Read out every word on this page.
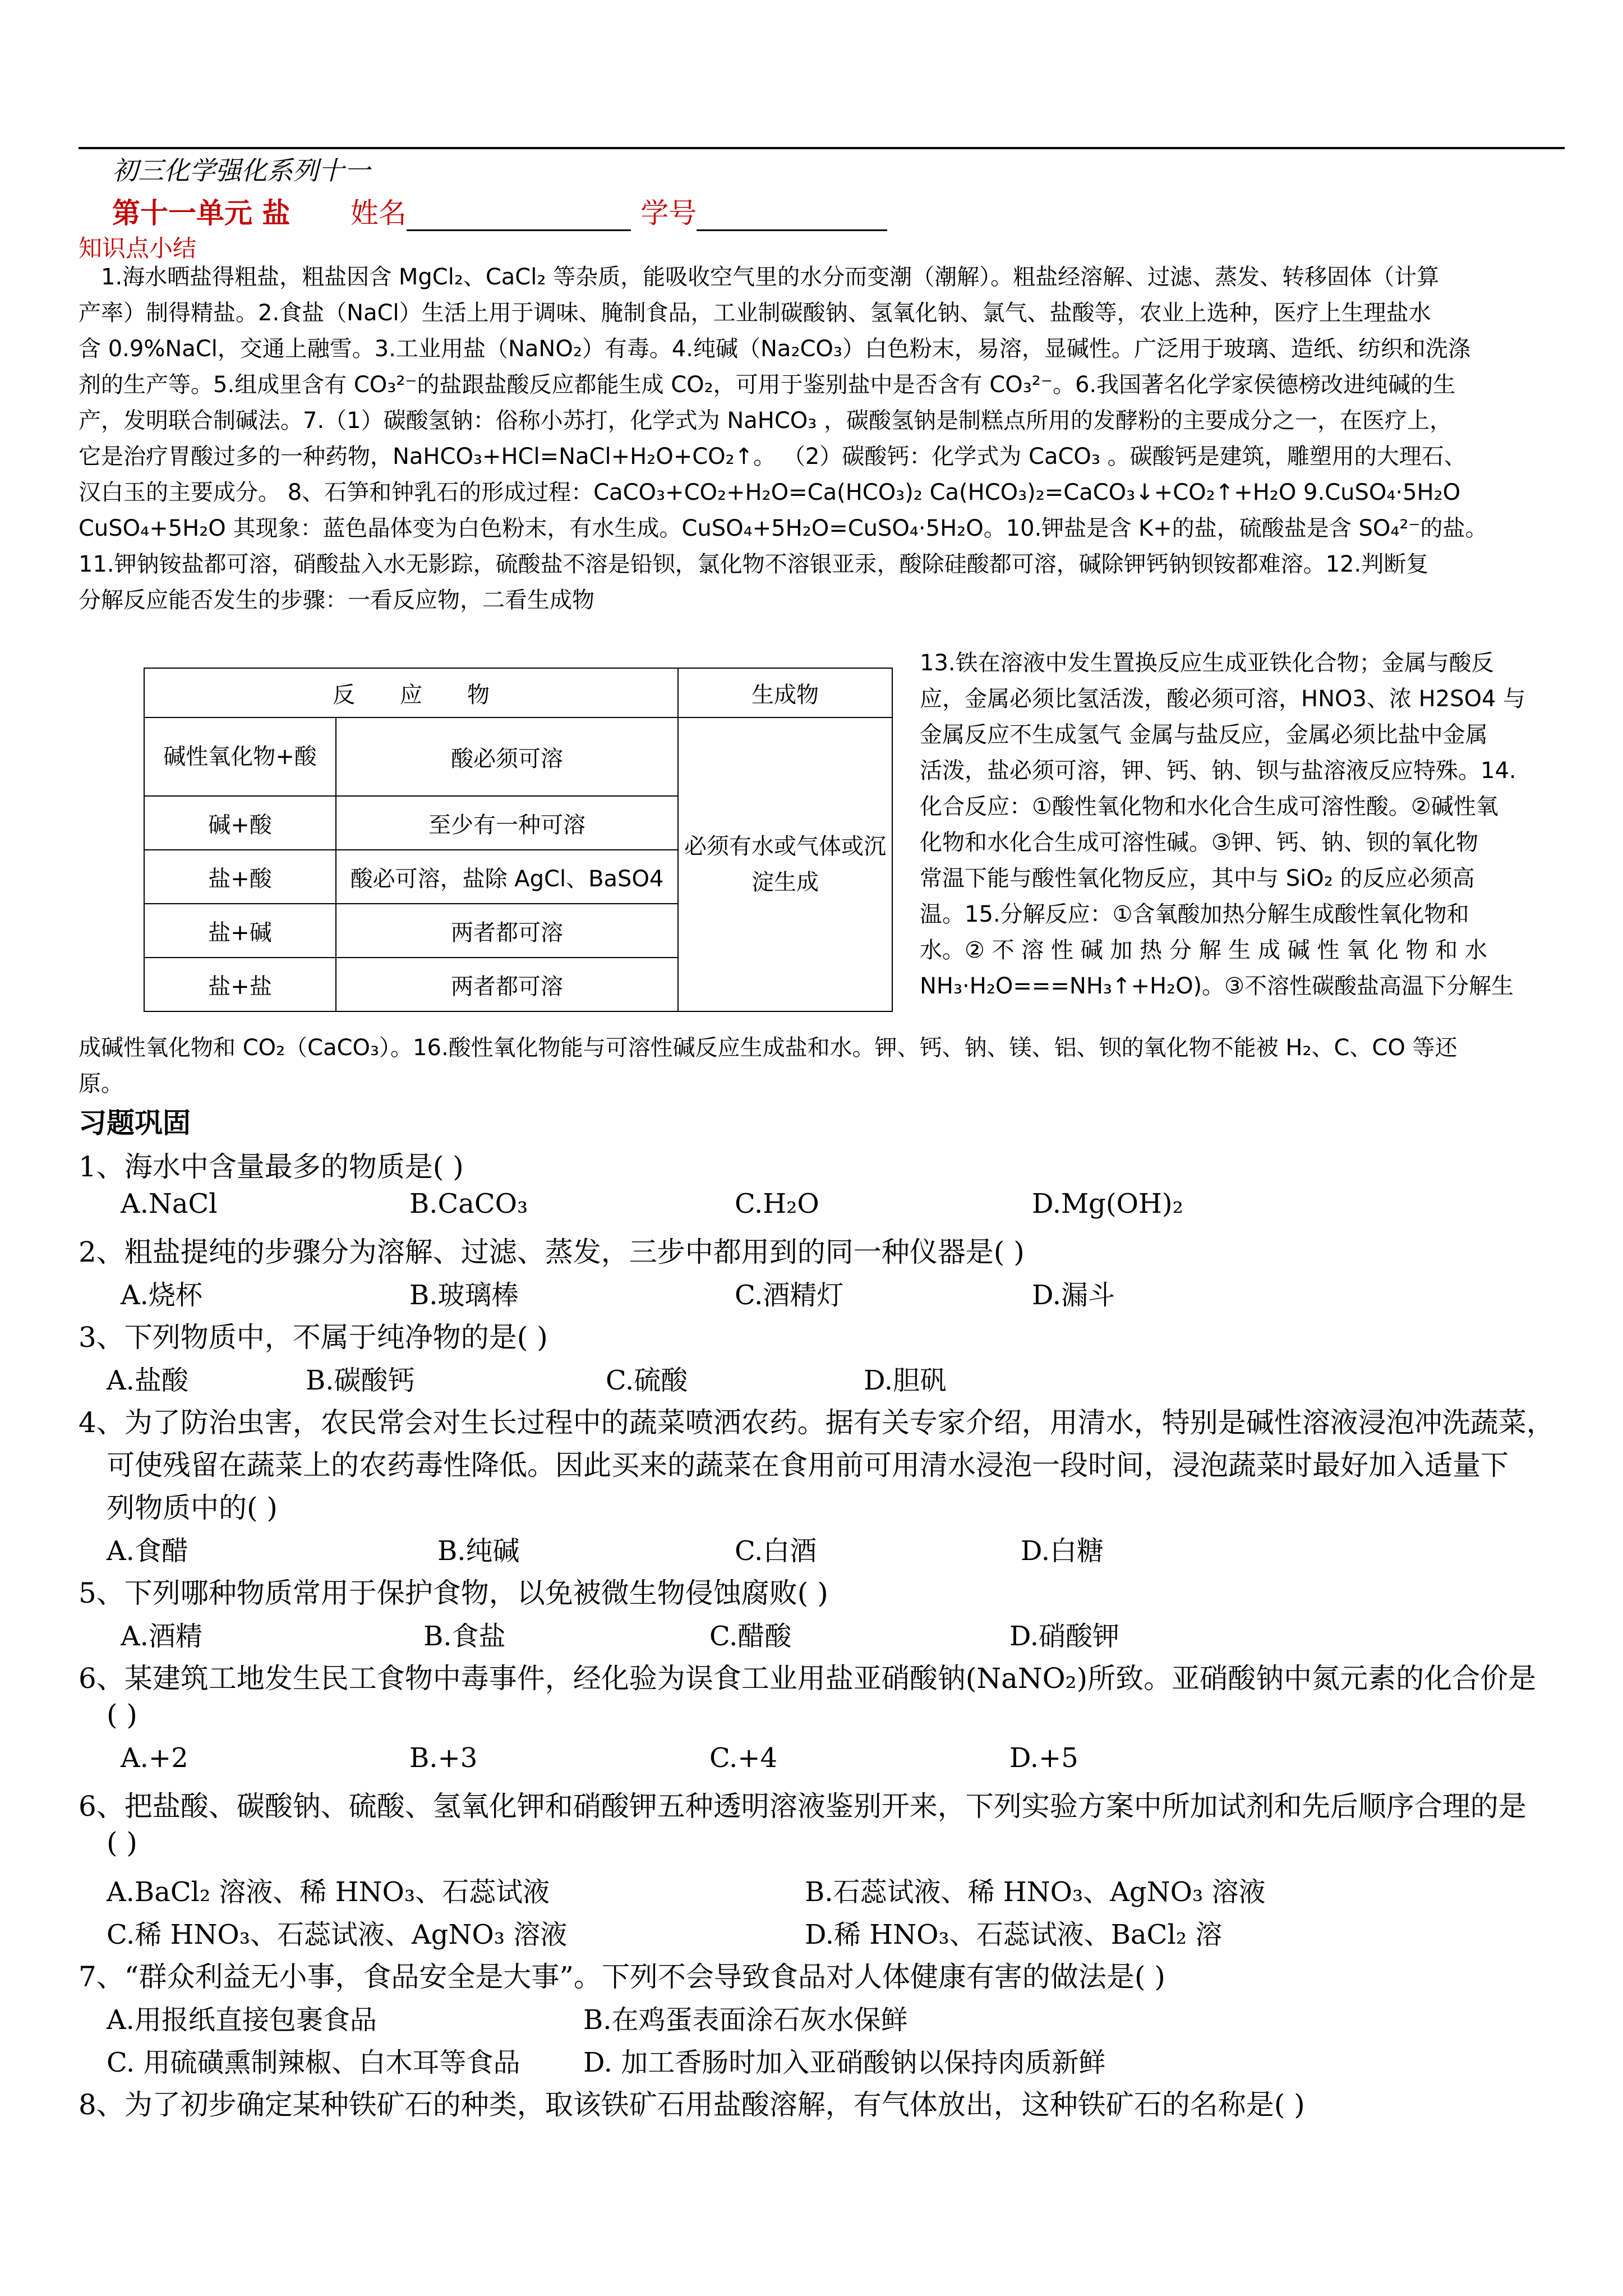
初三化学强化系列十一
第十一单元 盐 姓名	学号
知识点小结

　1.海水晒盐得粗盐，粗盐因含 MgCl₂、CaCl₂ 等杂质，能吸收空气里的水分而变潮（潮解）。粗盐经溶解、过滤、蒸发、转移固体（计算

产率）制得精盐。2.食盐（NaCl）生活上用于调味、腌制食品，工业制碳酸钠、氢氧化钠、氯气、盐酸等，农业上选种，医疗上生理盐水

含 0.9%NaCl，交通上融雪。3.工业用盐（NaNO₂）有毒。4.纯碱（Na₂CO₃）白色粉末，易溶，显碱性。广泛用于玻璃、造纸、纺织和洗涤

剂的生产等。5.组成里含有 CO₃²⁻的盐跟盐酸反应都能生成 CO₂，可用于鉴别盐中是否含有 CO₃²⁻。6.我国著名化学家侯德榜改进纯碱的生

产，发明联合制碱法。7.（1）碳酸氢钠：俗称小苏打，化学式为 NaHCO₃ ，碳酸氢钠是制糕点所用的发酵粉的主要成分之一，在医疗上，

它是治疗胃酸过多的一种药物，NaHCO₃+HCl=NaCl+H₂O+CO₂↑。 （2）碳酸钙：化学式为 CaCO₃ 。碳酸钙是建筑，雕塑用的大理石、

汉白玉的主要成分。 8、石笋和钟乳石的形成过程：CaCO₃+CO₂+H₂O=Ca(HCO₃)₂ Ca(HCO₃)₂=CaCO₃↓+CO₂↑+H₂O 9.CuSO₄·5H₂O

CuSO₄+5H₂O 其现象：蓝色晶体变为白色粉末，有水生成。CuSO₄+5H₂O=CuSO₄·5H₂O。10.钾盐是含 K+的盐，硫酸盐是含 SO₄²⁻的盐。

11.钾钠铵盐都可溶，硝酸盐入水无影踪，硫酸盐不溶是铅钡，氯化物不溶银亚汞，酸除硅酸都可溶，碱除钾钙钠钡铵都难溶。12.判断复

分解反应能否发生的步骤：一看反应物，二看生成物

反　　应　　物		生成物
碱性氧化物+酸	酸必须可溶	必须有水或气体或沉淀生成
碱+酸	至少有一种可溶	
盐+酸	酸必可溶，盐除 AgCl、BaSO4	
盐+碱	两者都可溶	
盐+盐	两者都可溶	

13.铁在溶液中发生置换反应生成亚铁化合物；金属与酸反

应，金属必须比氢活泼，酸必须可溶，HNO3、浓 H2SO4 与

金属反应不生成氢气 金属与盐反应，金属必须比盐中金属

活泼，盐必须可溶，钾、钙、钠、钡与盐溶液反应特殊。14.

化合反应：①酸性氧化物和水化合生成可溶性酸。②碱性氧

化物和水化合生成可溶性碱。③钾、钙、钠、钡的氧化物

常温下能与酸性氧化物反应，其中与 SiO₂ 的反应必须高

温。15.分解反应：①含氧酸加热分解生成酸性氧化物和

水。② 不 溶 性 碱 加 热 分 解 生 成 碱 性 氧 化 物 和 水

NH₃·H₂O===NH₃↑+H₂O)。③不溶性碳酸盐高温下分解生

成碱性氧化物和 CO₂（CaCO₃）。16.酸性氧化物能与可溶性碱反应生成盐和水。钾、钙、钠、镁、铝、钡的氧化物不能被 H₂、C、CO 等还

原。

习题巩固
1、海水中含量最多的物质是( )
A.NaCl	B.CaCO₃	C.H₂O	D.Mg(OH)₂
2、粗盐提纯的步骤分为溶解、过滤、蒸发，三步中都用到的同一种仪器是( )
A.烧杯	B.玻璃棒	C.酒精灯	D.漏斗
3、下列物质中，不属于纯净物的是( )
A.盐酸	B.碳酸钙	C.硫酸	D.胆矾
4、为了防治虫害，农民常会对生长过程中的蔬菜喷洒农药。据有关专家介绍，用清水，特别是碱性溶液浸泡冲洗蔬菜，
可使残留在蔬菜上的农药毒性降低。因此买来的蔬菜在食用前可用清水浸泡一段时间，浸泡蔬菜时最好加入适量下
列物质中的( )
A.食醋	B.纯碱	C.白酒	D.白糖
5、下列哪种物质常用于保护食物，以免被微生物侵蚀腐败( )
A.酒精	B.食盐	C.醋酸	D.硝酸钾
6、某建筑工地发生民工食物中毒事件，经化验为误食工业用盐亚硝酸钠(NaNO₂)所致。亚硝酸钠中氮元素的化合价是
( )
A.+2	B.+3	C.+4	D.+5
6、把盐酸、碳酸钠、硫酸、氢氧化钾和硝酸钾五种透明溶液鉴别开来，下列实验方案中所加试剂和先后顺序合理的是
( )
A.BaCl₂ 溶液、稀 HNO₃、石蕊试液	B.石蕊试液、稀 HNO₃、AgNO₃ 溶液
C.稀 HNO₃、石蕊试液、AgNO₃ 溶液	D.稀 HNO₃、石蕊试液、BaCl₂ 溶
7、“群众利益无小事，食品安全是大事”。下列不会导致食品对人体健康有害的做法是( )
A.用报纸直接包裹食品	B.在鸡蛋表面涂石灰水保鲜
C. 用硫磺熏制辣椒、白木耳等食品 D. 加工香肠时加入亚硝酸钠以保持肉质新鲜
8、为了初步确定某种铁矿石的种类，取该铁矿石用盐酸溶解，有气体放出，这种铁矿石的名称是( )
